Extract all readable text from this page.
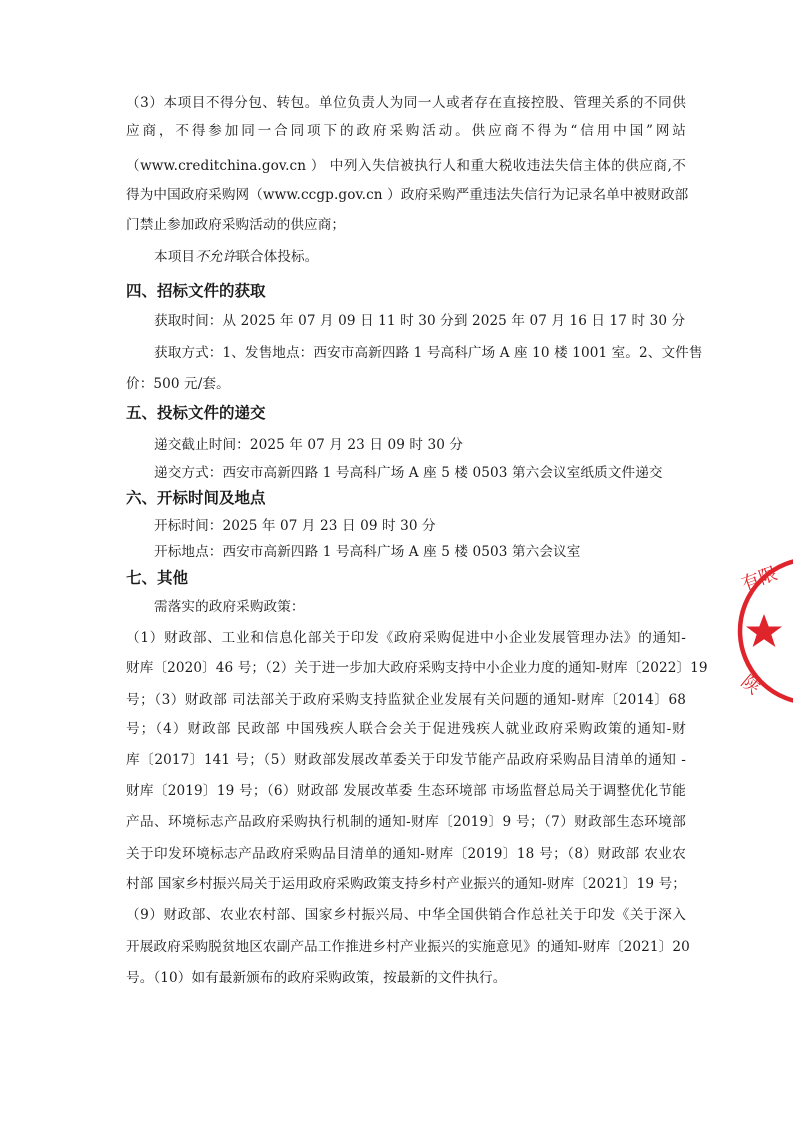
（3）本项目不得分包、转包。单位负责人为同一人或者存在直接控股、管理关系的不同供
应商，不得参加同一合同项下的政府采购活动。供应商不得为“信用中国”网站
（www.creditchina.gov.cn ） 中列入失信被执行人和重大税收违法失信主体的供应商,不
得为中国政府采购网（www.ccgp.gov.cn ）政府采购严重违法失信行为记录名单中被财政部
门禁止参加政府采购活动的供应商；
本项目不允许联合体投标。
四、招标文件的获取
获取时间：从 2025 年 07 月 09 日 11 时 30 分到 2025 年 07 月 16 日 17 时 30 分
获取方式：1、发售地点：西安市高新四路 1 号高科广场 A 座 10 楼 1001 室。2、文件售
价：500 元/套。
五、投标文件的递交
递交截止时间：2025 年 07 月 23 日 09 时 30 分
递交方式：西安市高新四路 1 号高科广场 A 座 5 楼 0503 第六会议室纸质文件递交
六、开标时间及地点
开标时间：2025 年 07 月 23 日 09 时 30 分
开标地点：西安市高新四路 1 号高科广场 A 座 5 楼 0503 第六会议室
七、其他
需落实的政府采购政策：
（1）财政部、工业和信息化部关于印发《政府采购促进中小企业发展管理办法》的通知-
财库〔2020〕46 号；（2）关于进一步加大政府采购支持中小企业力度的通知-财库〔2022〕19
号；（3）财政部 司法部关于政府采购支持监狱企业发展有关问题的通知-财库〔2014〕68
号；（4）财政部 民政部 中国残疾人联合会关于促进残疾人就业政府采购政策的通知-财
库〔2017〕141 号；（5）财政部发展改革委关于印发节能产品政府采购品目清单的通知 -
财库〔2019〕19 号；（6）财政部 发展改革委 生态环境部 市场监督总局关于调整优化节能
产品、环境标志产品政府采购执行机制的通知-财库〔2019〕9 号；（7）财政部生态环境部
关于印发环境标志产品政府采购品目清单的通知-财库〔2019〕18 号；（8）财政部 农业农
村部 国家乡村振兴局关于运用政府采购政策支持乡村产业振兴的通知-财库〔2021〕19 号；
（9）财政部、农业农村部、国家乡村振兴局、中华全国供销合作总社关于印发《关于深入
开展政府采购脱贫地区农副产品工作推进乡村产业振兴的实施意见》的通知-财库〔2021〕20
号。（10）如有最新颁布的政府采购政策，按最新的文件执行。
有限
陕
